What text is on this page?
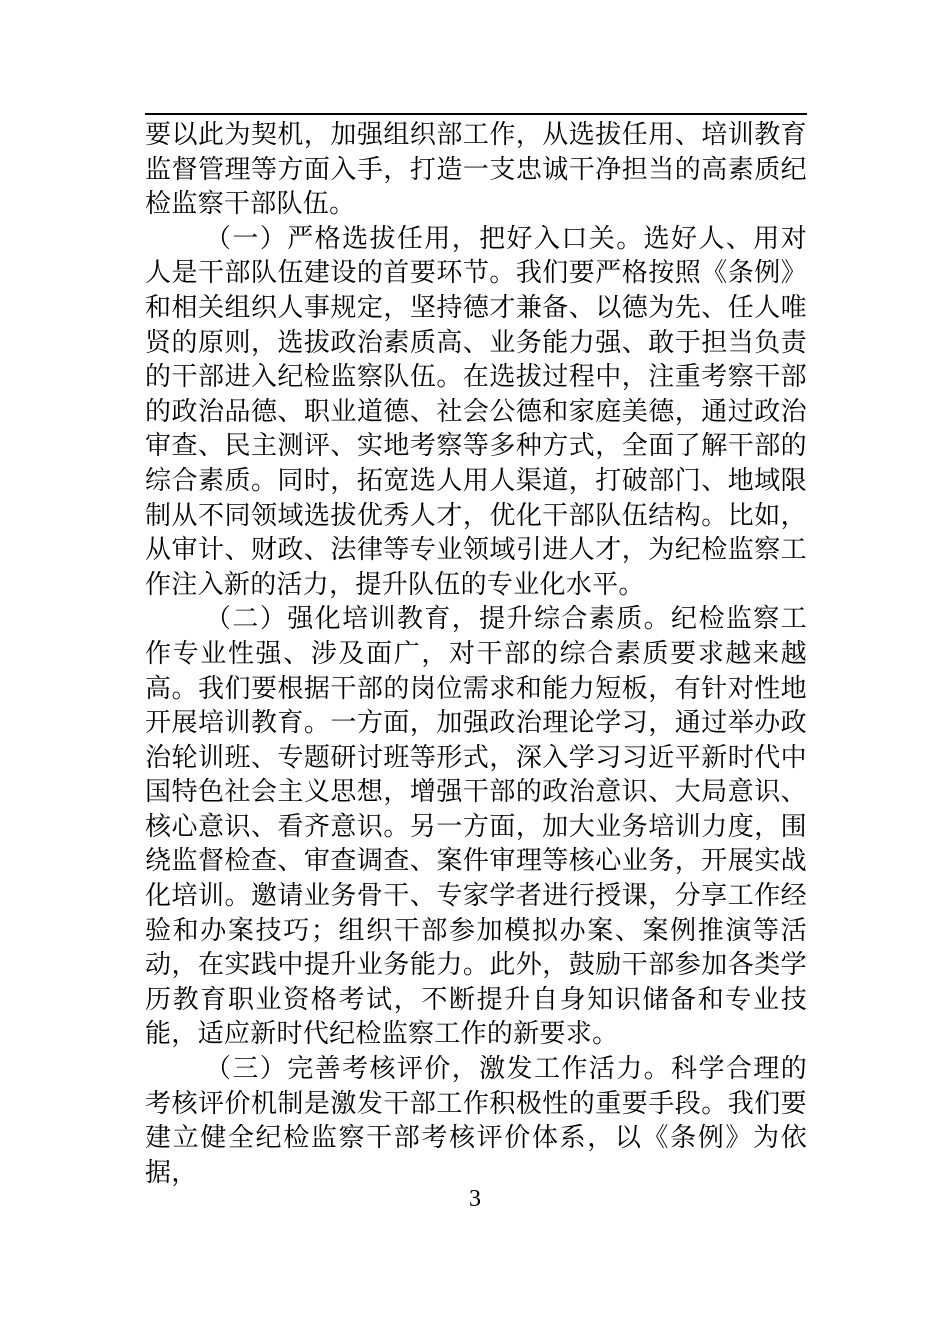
要以此为契机，加强组织部工作，从选拔任用、培训教育监督管理等方面入手，打造一支忠诚干净担当的高素质纪检监察干部队伍。

（一）严格选拔任用，把好入口关。选好人、用对人是干部队伍建设的首要环节。我们要严格按照《条例》和相关组织人事规定，坚持德才兼备、以德为先、任人唯贤的原则，选拔政治素质高、业务能力强、敢于担当负责的干部进入纪检监察队伍。在选拔过程中，注重考察干部的政治品德、职业道德、社会公德和家庭美德，通过政治审查、民主测评、实地考察等多种方式，全面了解干部的综合素质。同时，拓宽选人用人渠道，打破部门、地域限制从不同领域选拔优秀人才，优化干部队伍结构。比如，从审计、财政、法律等专业领域引进人才，为纪检监察工作注入新的活力，提升队伍的专业化水平。

（二）强化培训教育，提升综合素质。纪检监察工作专业性强、涉及面广，对干部的综合素质要求越来越高。我们要根据干部的岗位需求和能力短板，有针对性地开展培训教育。一方面，加强政治理论学习，通过举办政治轮训班、专题研讨班等形式，深入学习习近平新时代中国特色社会主义思想，增强干部的政治意识、大局意识、核心意识、看齐意识。另一方面，加大业务培训力度，围绕监督检查、审查调查、案件审理等核心业务，开展实战化培训。邀请业务骨干、专家学者进行授课，分享工作经验和办案技巧；组织干部参加模拟办案、案例推演等活动，在实践中提升业务能力。此外，鼓励干部参加各类学历教育职业资格考试，不断提升自身知识储备和专业技能，适应新时代纪检监察工作的新要求。

（三）完善考核评价，激发工作活力。科学合理的考核评价机制是激发干部工作积极性的重要手段。我们要建立健全纪检监察干部考核评价体系，以《条例》为依据，

3
